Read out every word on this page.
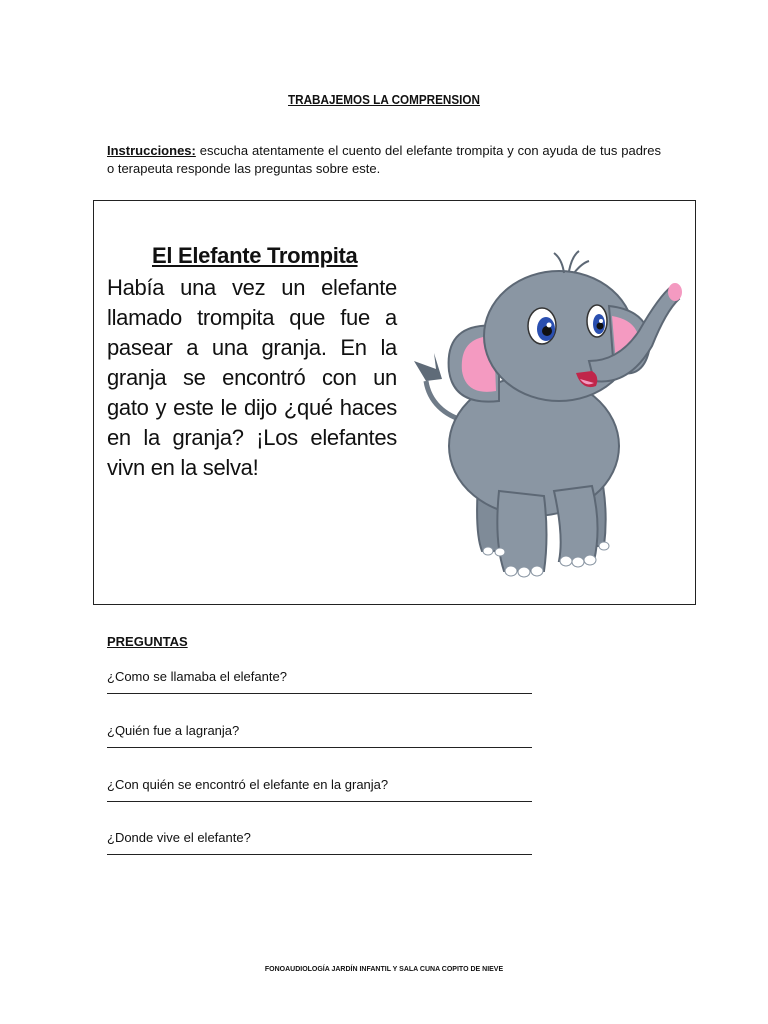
TRABAJEMOS LA COMPRENSION
Instrucciones: escucha atentamente el cuento del elefante trompita y con ayuda de tus padres o terapeuta responde las preguntas sobre este.
El Elefante Trompita
Había una vez un elefante llamado trompita que fue a pasear a una granja. En la granja se encontró con un gato y este le dijo ¿qué haces en la granja? ¡Los elefantes vivn en la selva!
PREGUNTAS
¿Como se llamaba el elefante?
¿Quién fue a lagranja?
¿Con quién se encontró el elefante en la granja?
¿Donde vive el elefante?
FONOAUDIOLOGÍA JARDÍN INFANTIL Y SALA CUNA COPITO DE NIEVE
